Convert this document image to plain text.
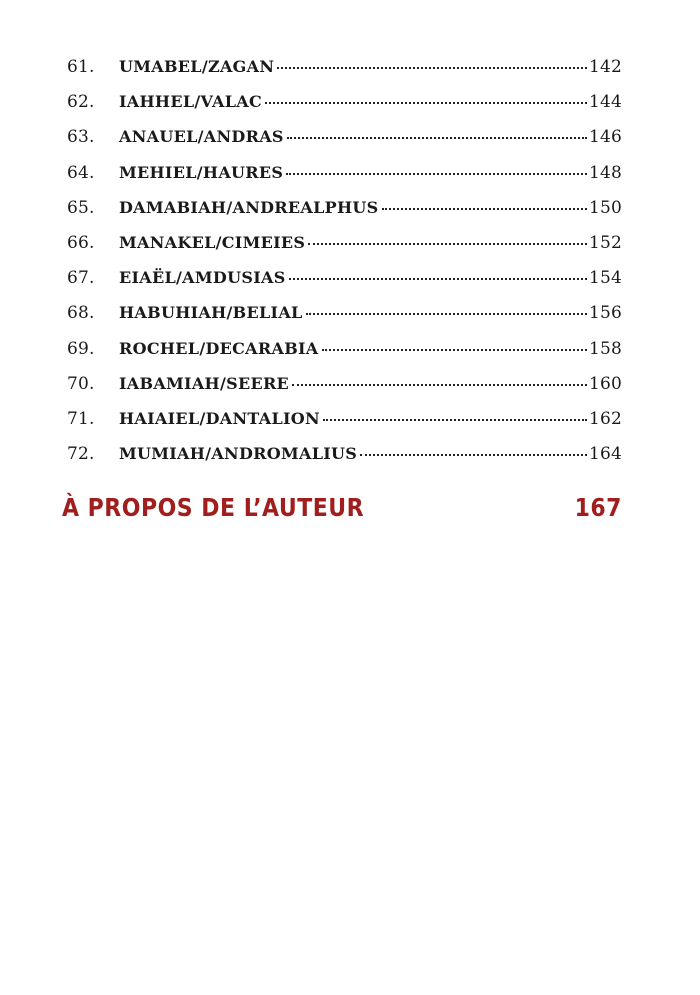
61.	UMABEL/ZAGAN	142
62.	IAHHEL/VALAC	144
63.	ANAUEL/ANDRAS	146
64.	MEHIEL/HAURES	148
65.	DAMABIAH/ANDREALPHUS	150
66.	MANAKEL/CIMEIES	152
67.	EIAËL/AMDUSIAS	154
68.	HABUHIAH/BELIAL	156
69.	ROCHEL/DECARABIA	158
70.	IABAMIAH/SEERE	160
71.	HAIAIEL/DANTALION	162
72.	MUMIAH/ANDROMALIUS	164
À PROPOS DE L’AUTEUR	167
